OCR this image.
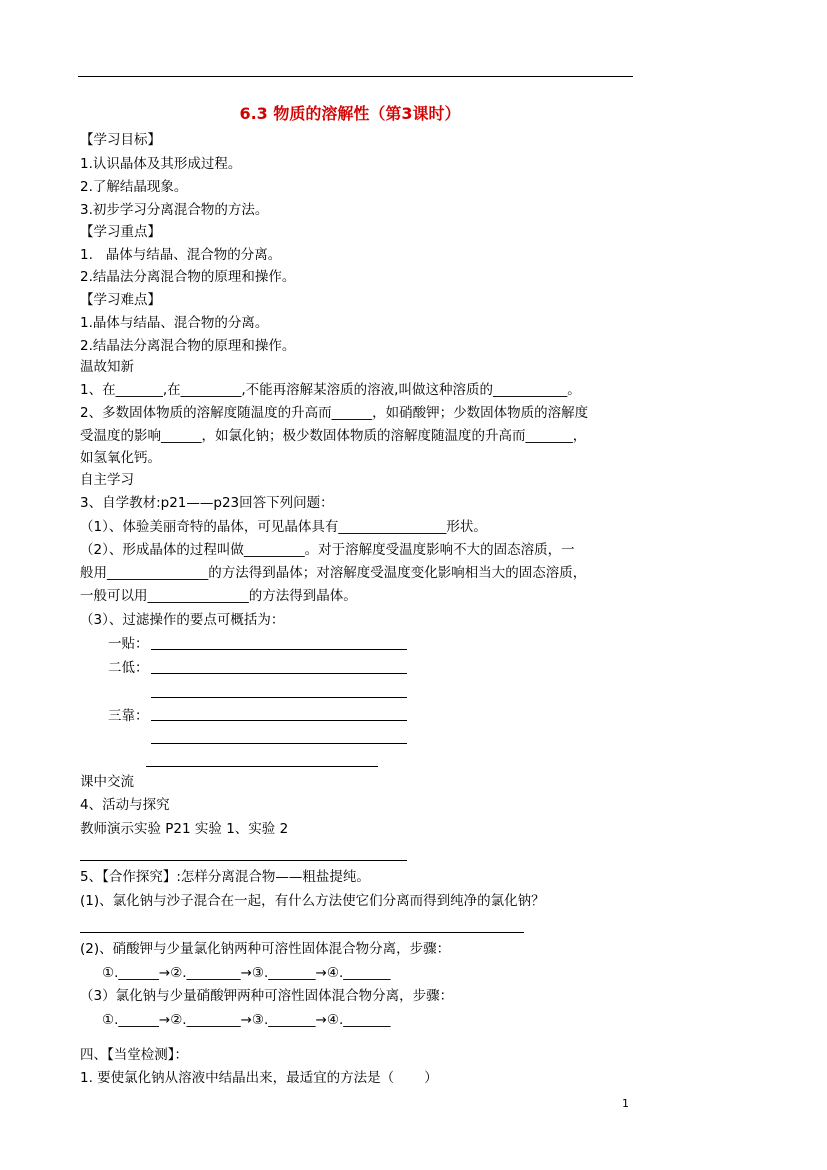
6.3 物质的溶解性（第3课时）
【学习目标】
1.认识晶体及其形成过程。
2.了解结晶现象。
3.初步学习分离混合物的方法。
【学习重点】
1.   晶体与结晶、混合物的分离。
2.结晶法分离混合物的原理和操作。
【学习难点】
1.晶体与结晶、混合物的分离。
2.结晶法分离混合物的原理和操作。
温故知新
1、在_______,在_________,不能再溶解某溶质的溶液,叫做这种溶质的___________。
2、多数固体物质的溶解度随温度的升高而______，如硝酸钾；少数固体物质的溶解度
受温度的影响______，如氯化钠；极少数固体物质的溶解度随温度的升高而_______，
如氢氧化钙。
自主学习
3、自学教材:p21——p23回答下列问题：
（1）、体验美丽奇特的晶体，可见晶体具有________________形状。
（2）、形成晶体的过程叫做_________。对于溶解度受温度影响不大的固态溶质，一
般用_______________的方法得到晶体；对溶解度受温度变化影响相当大的固态溶质，
一般可以用_______________的方法得到晶体。
（3）、过滤操作的要点可概括为：
一贴：
二低：
三靠：
课中交流
4、活动与探究
教师演示实验 P21 实验 1、实验 2
5、【合作探究】:怎样分离混合物——粗盐提纯。
(1)、氯化钠与沙子混合在一起，有什么方法使它们分离而得到纯净的氯化钠？
(2)、硝酸钾与少量氯化钠两种可溶性固体混合物分离，步骤：
①.______→②.________→③._______→④._______
（3）氯化钠与少量硝酸钾两种可溶性固体混合物分离，步骤：
①.______→②.________→③._______→④._______
四、【当堂检测】：
1. 要使氯化钠从溶液中结晶出来，最适宜的方法是（       ）
1
